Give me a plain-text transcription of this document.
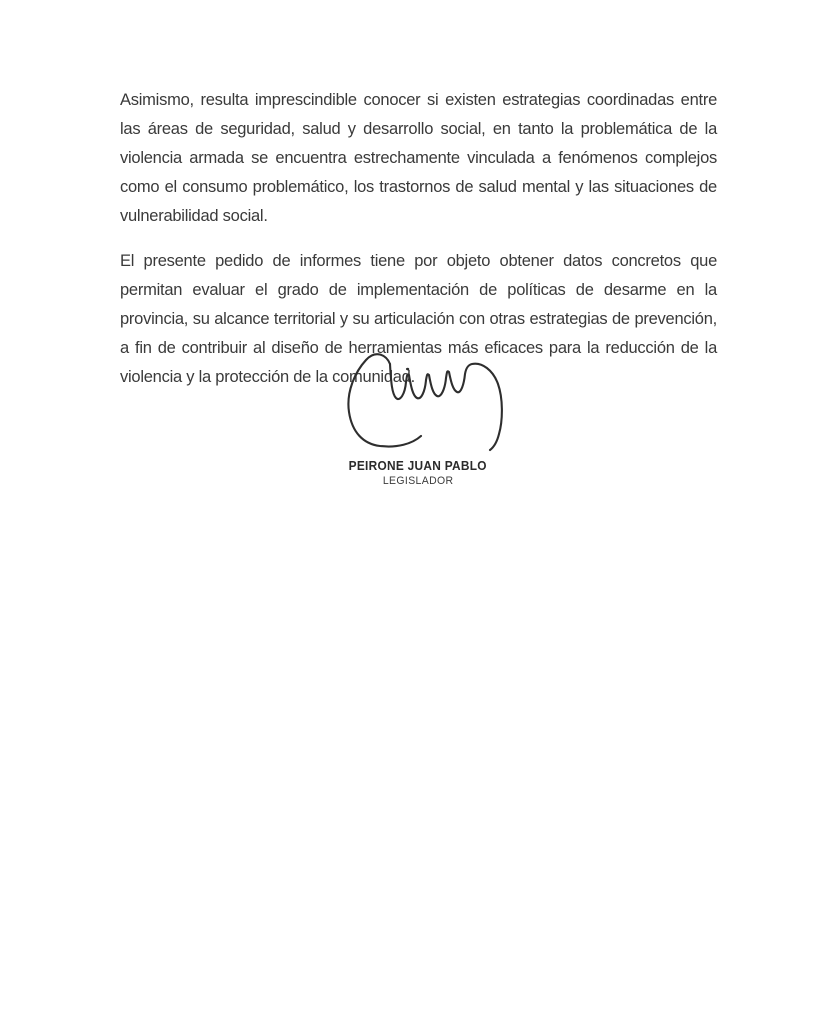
Asimismo, resulta imprescindible conocer si existen estrategias coordinadas entre las áreas de seguridad, salud y desarrollo social, en tanto la problemática de la violencia armada se encuentra estrechamente vinculada a fenómenos complejos como el consumo problemático, los trastornos de salud mental y las situaciones de vulnerabilidad social.

El presente pedido de informes tiene por objeto obtener datos concretos que permitan evaluar el grado de implementación de políticas de desarme en la provincia, su alcance territorial y su articulación con otras estrategias de prevención, a fin de contribuir al diseño de herramientas más eficaces para la reducción de la violencia y la protección de la comunidad.

PEIRONE JUAN PABLO
LEGISLADOR
